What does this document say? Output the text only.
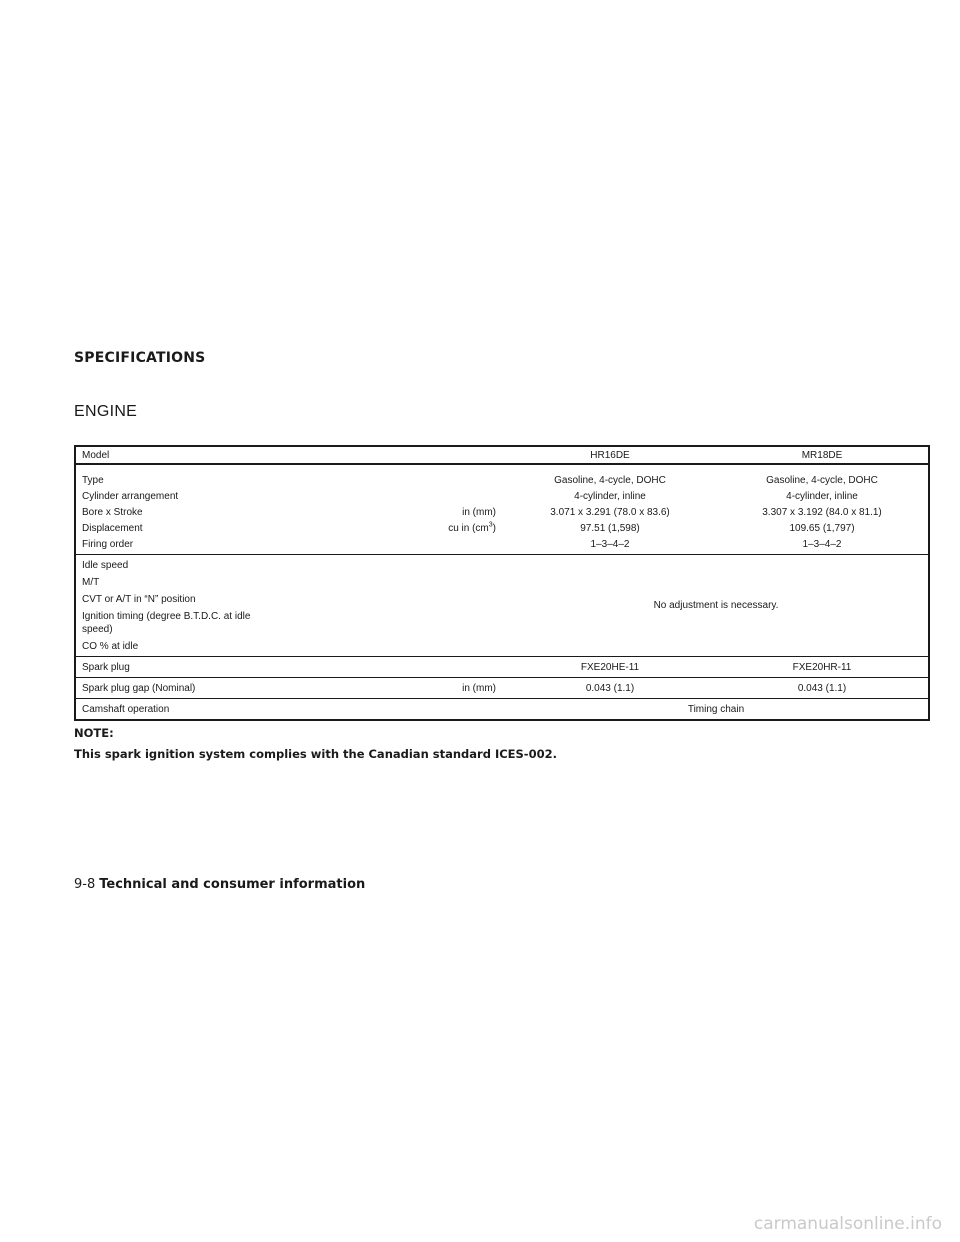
SPECIFICATIONS
ENGINE
Model	HR16DE	MR18DE
Type	Gasoline, 4-cycle, DOHC	Gasoline, 4-cycle, DOHC
Cylinder arrangement	4-cylinder, inline	4-cylinder, inline
Bore x Stroke	in (mm)	3.071 x 3.291 (78.0 x 83.6)	3.307 x 3.192 (84.0 x 81.1)
Displacement	cu in $(cm^3)$	97.51 (1,598)	109.65 (1,797)
Firing order	1–3–4–2	1–3–4–2
Idle speed
M/T
CVT or A/T in “N” position
Ignition timing (degree B.T.D.C. at idle speed)
CO % at idle
No adjustment is necessary.
Spark plug	FXE20HE-11	FXE20HR-11
Spark plug gap (Nominal)	in (mm)	0.043 (1.1)	0.043 (1.1)
Camshaft operation	Timing chain
NOTE:
This spark ignition system complies with the Canadian standard ICES-002.
9-8 Technical and consumer information
carmanualsonline.info
